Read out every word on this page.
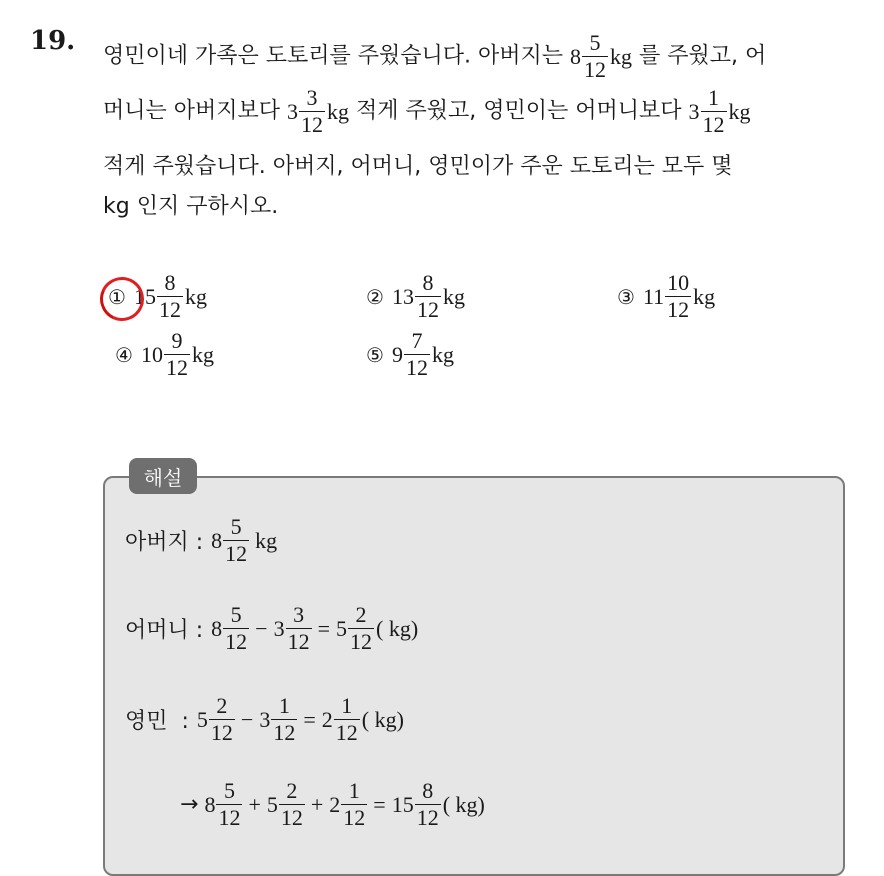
19. 영민이네 가족은 도토리를 주웠습니다. 아버지는 $8 \frac{5}{12}$ kg 를 주웠고, 어
머니는 아버지보다 $3 \frac{3}{12}$ kg 적게 주웠고, 영민이는 어머니보다 $3 \frac{1}{12}$ kg
적게 주웠습니다. 아버지, 어머니, 영민이가 주운 도토리는 모두 몇
kg 인지 구하시오.
① $15 \frac{8}{12}$ kg	② $13 \frac{8}{12}$ kg	③ $11 \frac{10}{12}$ kg
④ $10 \frac{9}{12}$ kg	⑤ $9 \frac{7}{12}$ kg
해설
아버지 : $8 \frac{5}{12}$ kg
어머니 : $8 \frac{5}{12} - 3 \frac{3}{12} = 5 \frac{2}{12}$ ( kg)
영민  : $5 \frac{2}{12} - 3 \frac{1}{12} = 2 \frac{1}{12}$ ( kg)
→ $8 \frac{5}{12} + 5 \frac{2}{12} + 2 \frac{1}{12} = 15 \frac{8}{12}$ ( kg)
